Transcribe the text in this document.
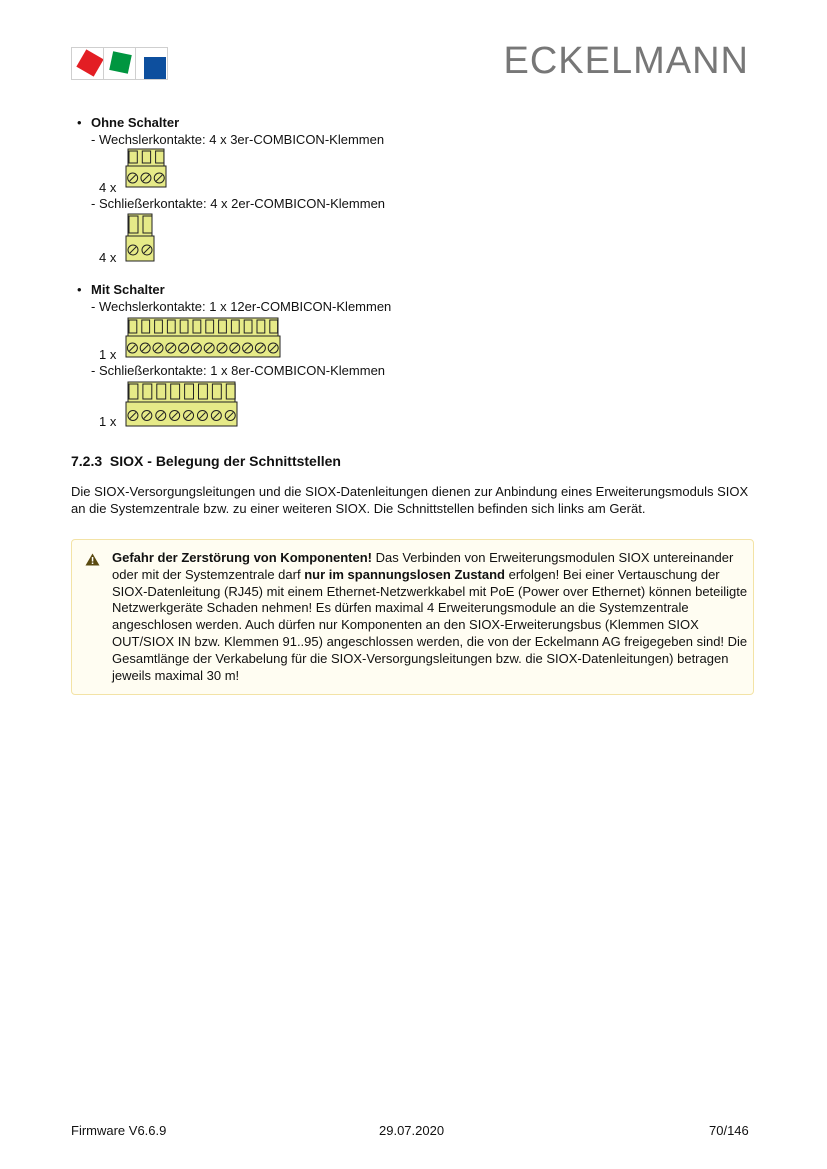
ECKELMANN
• Ohne Schalter
- Wechslerkontakte: 4 x 3er-COMBICON-Klemmen
4 x
- Schließerkontakte: 4 x 2er-COMBICON-Klemmen
4 x
• Mit Schalter
- Wechslerkontakte: 1 x 12er-COMBICON-Klemmen
1 x
- Schließerkontakte: 1 x 8er-COMBICON-Klemmen
1 x
7.2.3 SIOX - Belegung der Schnittstellen
Die SIOX-Versorgungsleitungen und die SIOX-Datenleitungen dienen zur Anbindung eines Erweiterungsmoduls SIOX an die Systemzentrale bzw. zu einer weiteren SIOX. Die Schnittstellen befinden sich links am Gerät.
Gefahr der Zerstörung von Komponenten! Das Verbinden von Erweiterungsmodulen SIOX untereinander oder mit der Systemzentrale darf nur im spannungslosen Zustand erfolgen! Bei einer Vertauschung der SIOX-Datenleitung (RJ45) mit einem Ethernet-Netzwerkkabel mit PoE (Power over Ethernet) können beteiligte Netzwerkgeräte Schaden nehmen! Es dürfen maximal 4 Erweiterungsmodule an die Systemzentrale angeschlosen werden. Auch dürfen nur Komponenten an den SIOX-Erweiterungsbus (Klemmen SIOX OUT/SIOX IN bzw. Klemmen 91..95) angeschlossen werden, die von der Eckelmann AG freigegeben sind! Die Gesamtlänge der Verkabelung für die SIOX-Versorgungsleitungen bzw. die SIOX-Datenleitungen) betragen jeweils maximal 30 m!
Firmware V6.6.9	29.07.2020	70/146
